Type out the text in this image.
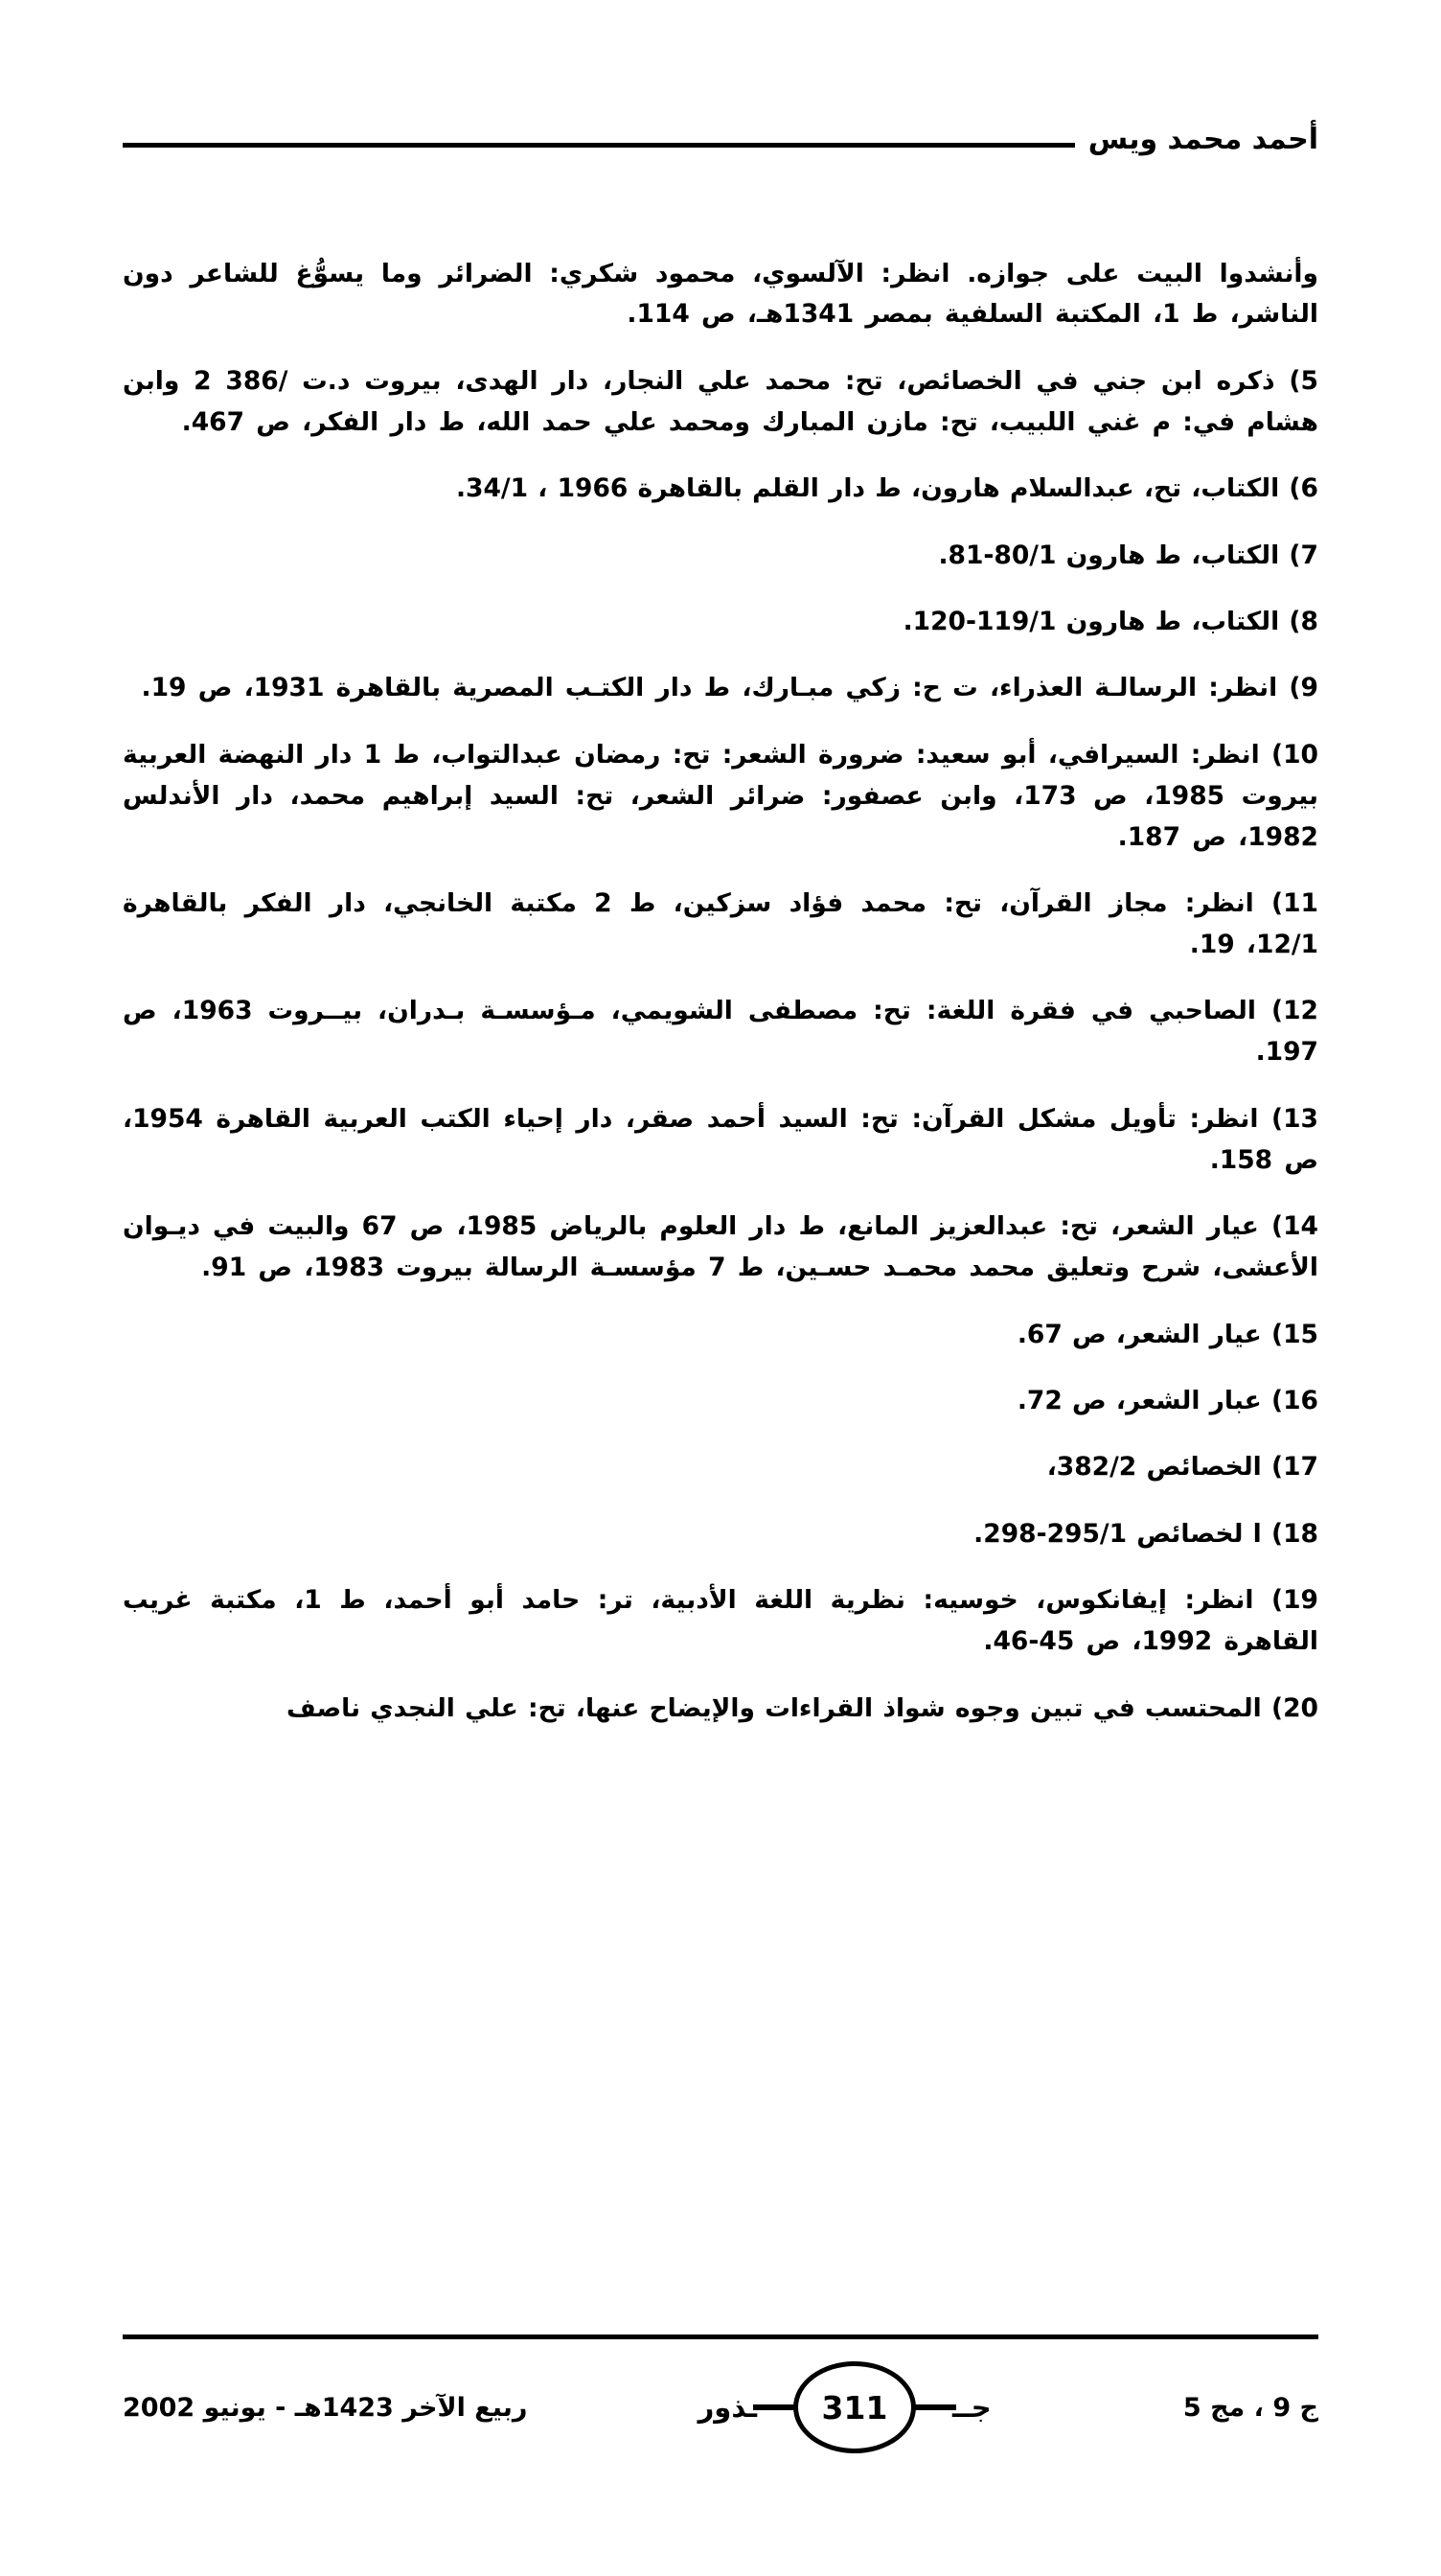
أحمد محمد ويس

وأنشدوا البيت على جوازه. انظر: الآلسوي، محمود شكري: الضرائر وما يسوُّغ للشاعر دون الناشر، ط 1، المكتبة السلفية بمصر 1341هـ، ص 114.

5) ذكره ابن جني في الخصائص، تح: محمد علي النجار، دار الهدى، بيروت د.ت /386 2 وابن هشام في: م غني اللبيب، تح: مازن المبارك ومحمد علي حمد الله، ط دار الفكر، ص 467.

6) الكتاب، تح، عبدالسلام هارون، ط دار القلم بالقاهرة 1966 ، 34/1.

7) الكتاب، ط هارون 80/1-81.

8) الكتاب، ط هارون 119/1-120.

9) انظر: الرسالـة العذراء، ت ح: زكي مبـارك، ط دار الكتـب المصرية بالقاهرة 1931، ص 19.

10) انظر: السيرافي، أبو سعيد: ضرورة الشعر: تح: رمضان عبدالتواب، ط 1 دار النهضة العربية بيروت 1985، ص 173، وابن عصفور: ضرائر الشعر، تح: السيد إبراهيم محمد، دار الأندلس 1982، ص 187.

11) انظر: مجاز القرآن، تح: محمد فؤاد سزكين، ط 2 مكتبة الخانجي، دار الفكر بالقاهرة 12/1، 19.

12) الصاحبي في فقرة اللغة: تح: مصطفى الشويمي، مـؤسسـة بـدران، بيــروت 1963، ص 197.

13) انظر: تأويل مشكل القرآن: تح: السيد أحمد صقر، دار إحياء الكتب العربية القاهرة 1954، ص 158.

14) عيار الشعر، تح: عبدالعزيز المانع، ط دار العلوم بالرياض 1985، ص 67 والبيت في ديـوان الأعشى، شرح وتعليق محمد محمـد حسـين، ط 7 مؤسسـة الرسالة بيروت 1983، ص 91.

15) عيار الشعر، ص 67.

16) عبار الشعر، ص 72.

17) الخصائص 382/2،

18) ا لخصائص 295/1-298.

19) انظر: إيفانكوس، خوسيه: نظرية اللغة الأدبية، تر: حامد أبو أحمد، ط 1، مكتبة غريب القاهرة 1992، ص 45-46.

20) المحتسب في تبين وجوه شواذ القراءات والإيضاح عنها، تح: علي النجدي ناصف

ج 9 ، مج 5
جــ
311
ـذور
ربيع الآخر 1423هـ - يونيو 2002
